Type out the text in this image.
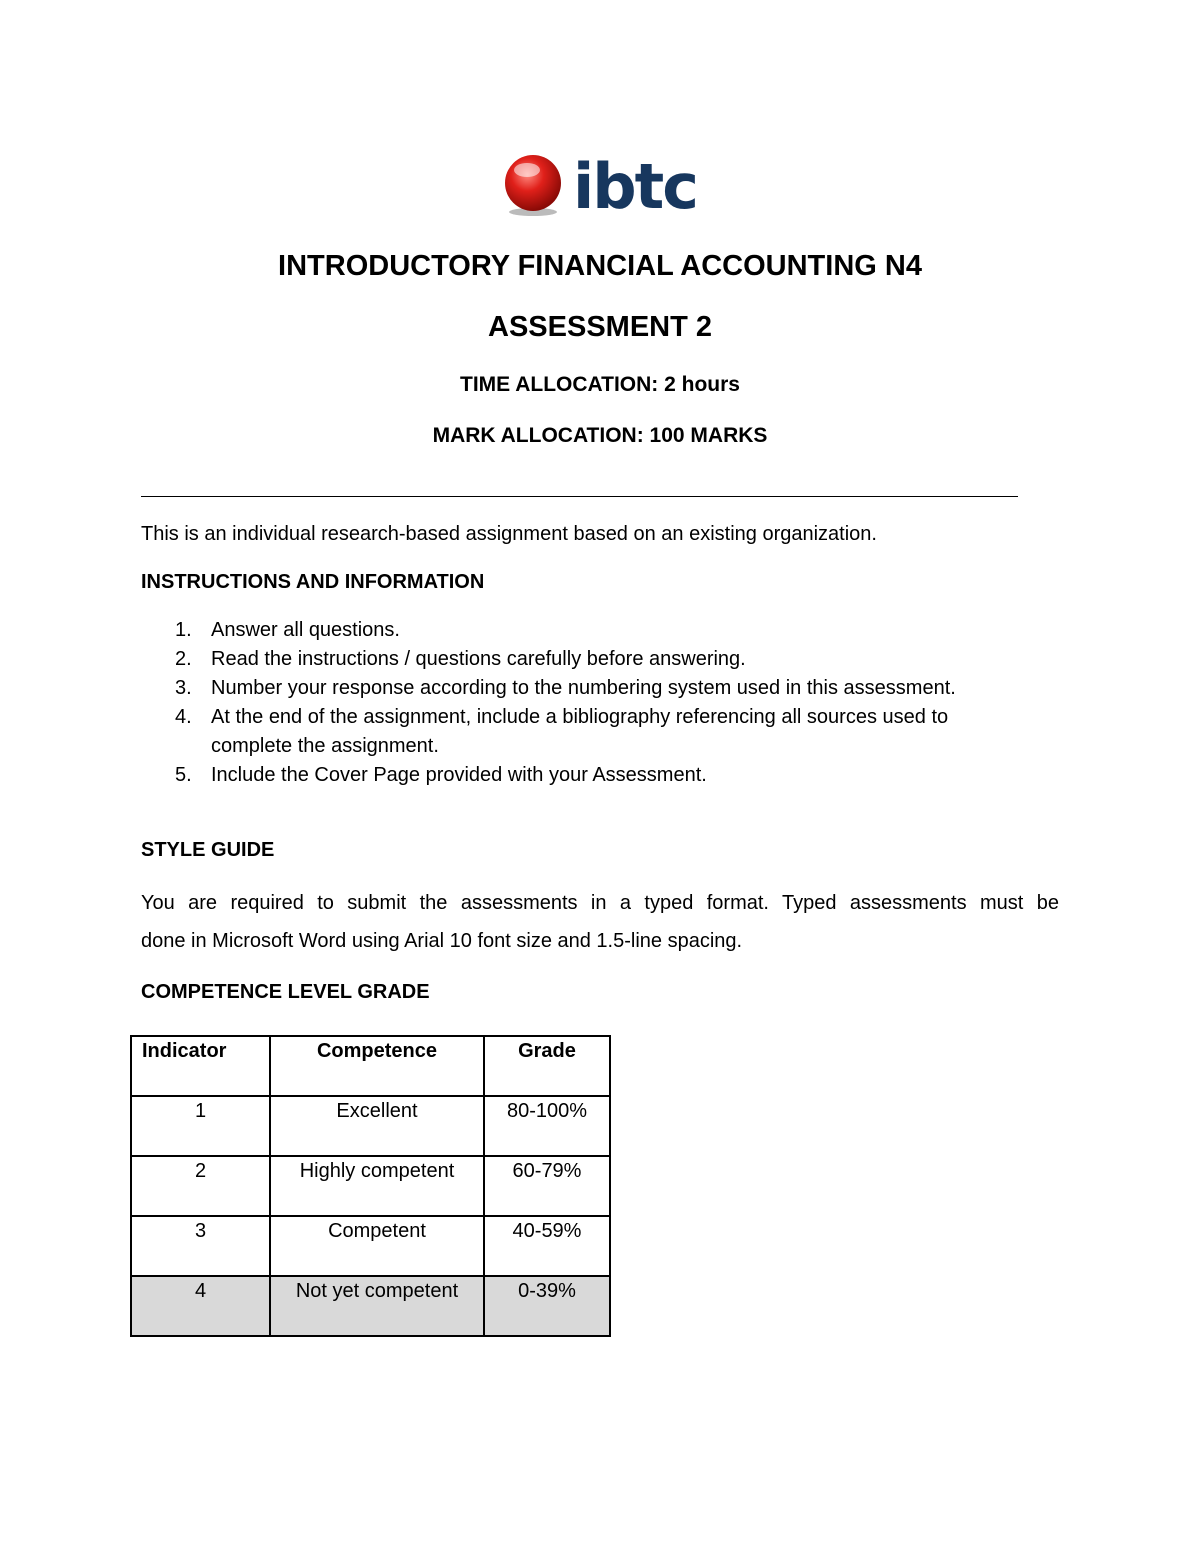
ibtc
INTRODUCTORY FINANCIAL ACCOUNTING N4
ASSESSMENT 2
TIME ALLOCATION: 2 hours
MARK ALLOCATION: 100 MARKS
This is an individual research-based assignment based on an existing organization.
INSTRUCTIONS AND INFORMATION
1. Answer all questions.
2. Read the instructions / questions carefully before answering.
3. Number your response according to the numbering system used in this assessment.
4. At the end of the assignment, include a bibliography referencing all sources used to complete the assignment.
5. Include the Cover Page provided with your Assessment.
STYLE GUIDE
You are required to submit the assessments in a typed format. Typed assessments must be
done in Microsoft Word using Arial 10 font size and 1.5-line spacing.
COMPETENCE LEVEL GRADE
Indicator	Competence	Grade
1	Excellent	80-100%
2	Highly competent	60-79%
3	Competent	40-59%
4	Not yet competent	0-39%
